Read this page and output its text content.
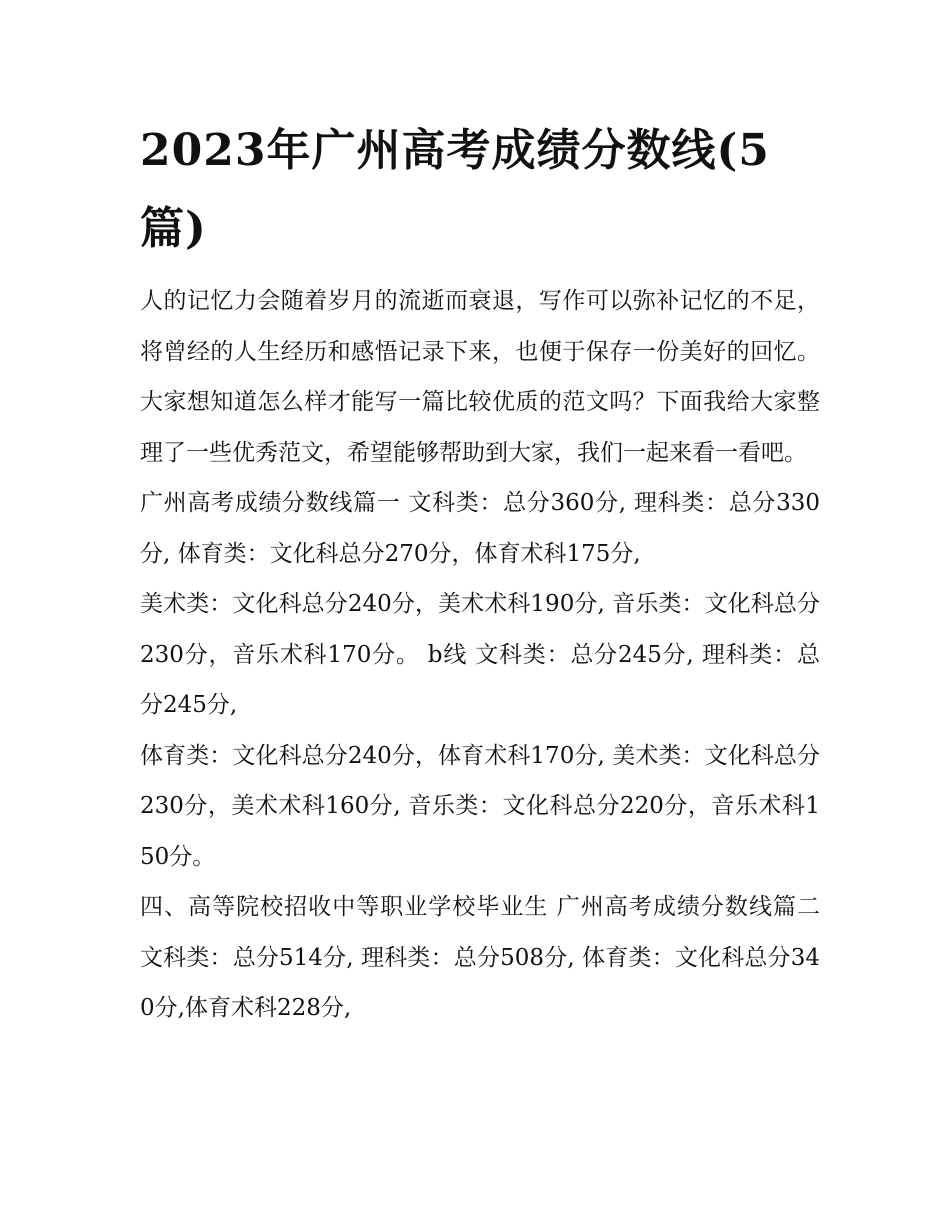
2023年广州高考成绩分数线(5篇)

人的记忆力会随着岁月的流逝而衰退，写作可以弥补记忆的不足，将曾经的人生经历和感悟记录下来，也便于保存一份美好的回忆。大家想知道怎么样才能写一篇比较优质的范文吗？下面我给大家整理了一些优秀范文，希望能够帮助到大家，我们一起来看一看吧。

广州高考成绩分数线篇一 文科类：总分360分, 理科类：总分330分, 体育类：文化科总分270分，体育术科175分,

美术类：文化科总分240分，美术术科190分, 音乐类：文化科总分230分，音乐术科170分。 b线 文科类：总分245分, 理科类：总分245分,

体育类：文化科总分240分，体育术科170分, 美术类：文化科总分230分，美术术科160分, 音乐类：文化科总分220分，音乐术科150分。

四、高等院校招收中等职业学校毕业生 广州高考成绩分数线篇二 文科类：总分514分, 理科类：总分508分, 体育类：文化科总分340分,体育术科228分,
